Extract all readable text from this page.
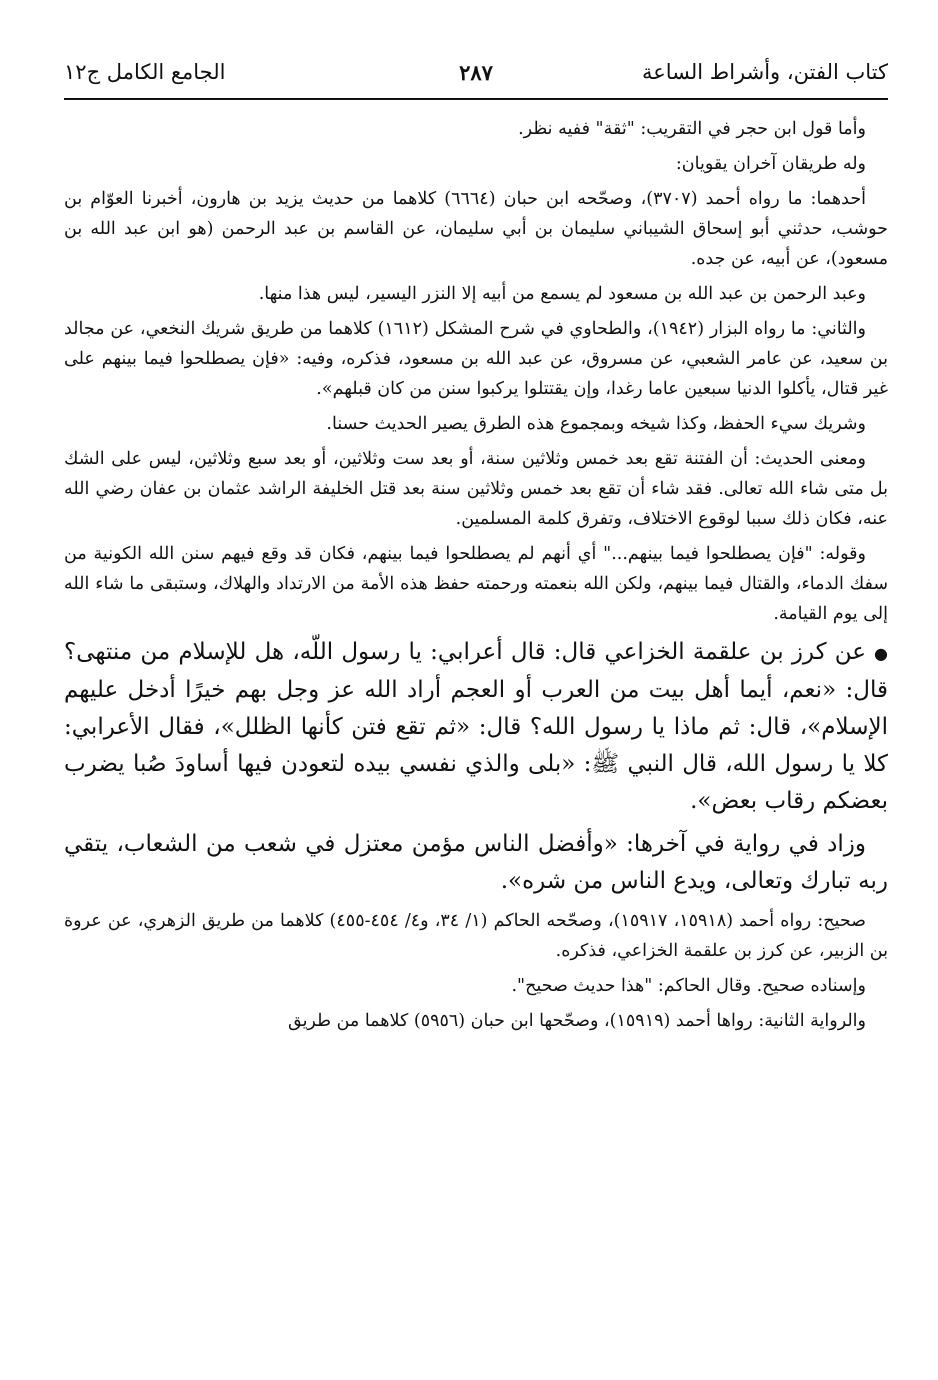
كتاب الفتن، وأشراط الساعة
٢٨٧
الجامع الكامل ج١٢

وأما قول ابن حجر في التقريب: "ثقة" ففيه نظر.

وله طريقان آخران يقويان:

أحدهما: ما رواه أحمد (٣٧٠٧)، وصحّحه ابن حبان (٦٦٦٤) كلاهما من حديث يزيد بن هارون، أخبرنا العوّام بن حوشب، حدثني أبو إسحاق الشيباني سليمان بن أبي سليمان، عن القاسم بن عبد الرحمن (هو ابن عبد الله بن مسعود)، عن أبيه، عن جده.

وعبد الرحمن بن عبد الله بن مسعود لم يسمع من أبيه إلا النزر اليسير، ليس هذا منها.

والثاني: ما رواه البزار (١٩٤٢)، والطحاوي في شرح المشكل (١٦١٢) كلاهما من طريق شريك النخعي، عن مجالد بن سعيد، عن عامر الشعبي، عن مسروق، عن عبد الله بن مسعود، فذكره، وفيه: «فإن يصطلحوا فيما بينهم على غير قتال، يأكلوا الدنيا سبعين عاما رغدا، وإن يقتتلوا يركبوا سنن من كان قبلهم».

وشريك سيء الحفظ، وكذا شيخه وبمجموع هذه الطرق يصير الحديث حسنا.

ومعنى الحديث: أن الفتنة تقع بعد خمس وثلاثين سنة، أو بعد ست وثلاثين، أو بعد سبع وثلاثين، ليس على الشك بل متى شاء الله تعالى. فقد شاء أن تقع بعد خمس وثلاثين سنة بعد قتل الخليفة الراشد عثمان بن عفان رضي الله عنه، فكان ذلك سببا لوقوع الاختلاف، وتفرق كلمة المسلمين.

وقوله: "فإن يصطلحوا فيما بينهم..." أي أنهم لم يصطلحوا فيما بينهم، فكان قد وقع فيهم سنن الله الكونية من سفك الدماء، والقتال فيما بينهم، ولكن الله بنعمته ورحمته حفظ هذه الأمة من الارتداد والهلاك، وستبقى ما شاء الله إلى يوم القيامة.

●عن كرز بن علقمة الخزاعي قال: قال أعرابي: يا رسول اللّه، هل للإسلام من منتهى؟ قال: «نعم، أيما أهل بيت من العرب أو العجم أراد الله عز وجل بهم خيرًا أدخل عليهم الإسلام»، قال: ثم ماذا يا رسول الله؟ قال: «ثم تقع فتن كأنها الظلل»، فقال الأعرابي: كلا يا رسول الله، قال النبي ﷺ: «بلى والذي نفسي بيده لتعودن فيها أساودَ صُبا يضرب بعضكم رقاب بعض».

وزاد في رواية في آخرها: «وأفضل الناس مؤمن معتزل في شعب من الشعاب، يتقي ربه تبارك وتعالى، ويدع الناس من شره».

صحيح: رواه أحمد (١٥٩١٨، ١٥٩١٧)، وصحّحه الحاكم (١/ ٣٤، و٤/ ٤٥٤-٤٥٥) كلاهما من طريق الزهري، عن عروة بن الزبير، عن كرز بن علقمة الخزاعي، فذكره.

وإسناده صحيح. وقال الحاكم: "هذا حديث صحيح".

والرواية الثانية: رواها أحمد (١٥٩١٩)، وصحّحها ابن حبان (٥٩٥٦) كلاهما من طريق
